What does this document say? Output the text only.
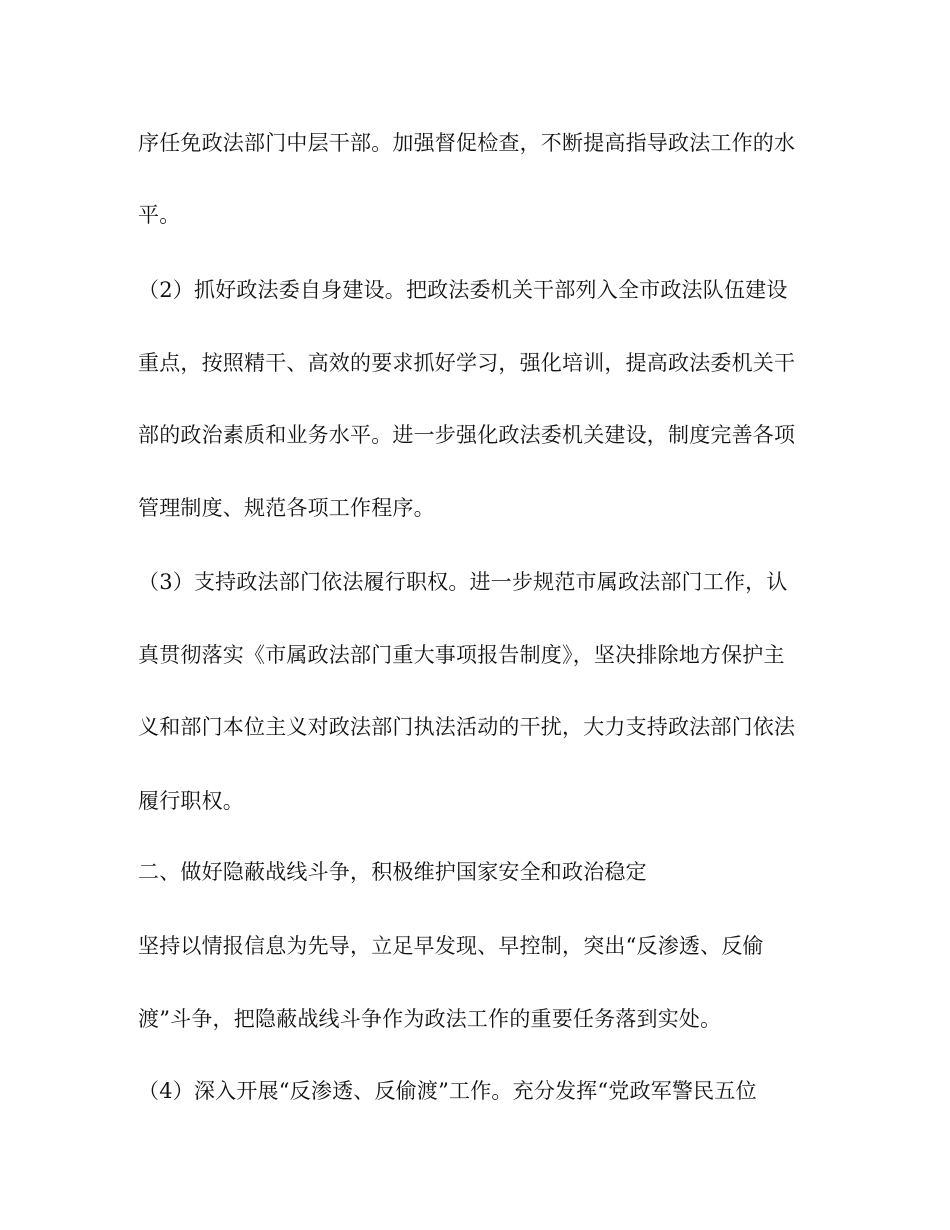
序任免政法部门中层干部。加强督促检查，不断提高指导政法工作的水
平。
（2）抓好政法委自身建设。把政法委机关干部列入全市政法队伍建设
重点，按照精干、高效的要求抓好学习，强化培训，提高政法委机关干
部的政治素质和业务水平。进一步强化政法委机关建设，制度完善各项
管理制度、规范各项工作程序。
（3）支持政法部门依法履行职权。进一步规范市属政法部门工作，认
真贯彻落实《市属政法部门重大事项报告制度》，坚决排除地方保护主
义和部门本位主义对政法部门执法活动的干扰，大力支持政法部门依法
履行职权。
二、做好隐蔽战线斗争，积极维护国家安全和政治稳定
坚持以情报信息为先导，立足早发现、早控制，突出“反渗透、反偷
渡”斗争，把隐蔽战线斗争作为政法工作的重要任务落到实处。
（4）深入开展“反渗透、反偷渡”工作。充分发挥“党政军警民五位
